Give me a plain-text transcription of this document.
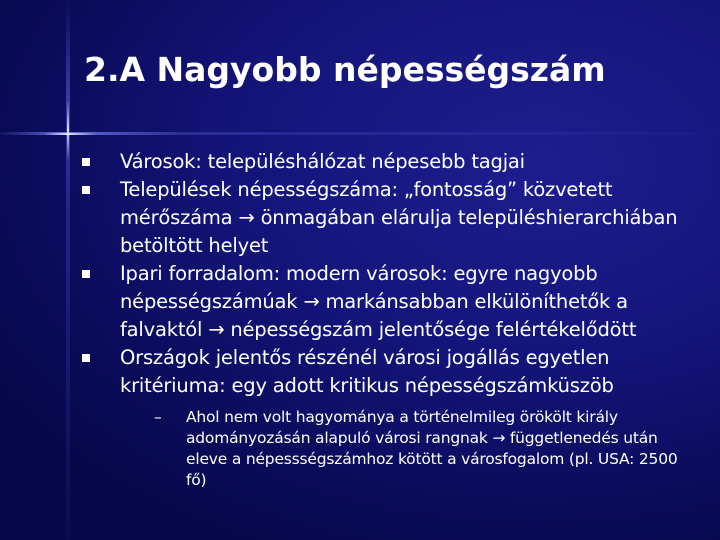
2.A Nagyobb népességszám
Városok: településhálózat népesebb tagjai
Települések népességszáma: „fontosság” közvetett mérőszáma → önmagában elárulja településhierarchiában betöltött helyet
Ipari forradalom: modern városok: egyre nagyobb népességszámúak → markánsabban elkülöníthetők a falvaktól → népességszám jelentősége felértékelődött
Országok jelentős részénél városi jogállás egyetlen kritériuma: egy adott kritikus népességszámküszöb
– Ahol nem volt hagyománya a történelmileg örökölt király adományozásán alapuló városi rangnak → függetlenedés után eleve a népessségszámhoz kötött a városfogalom (pl. USA: 2500 fő)
